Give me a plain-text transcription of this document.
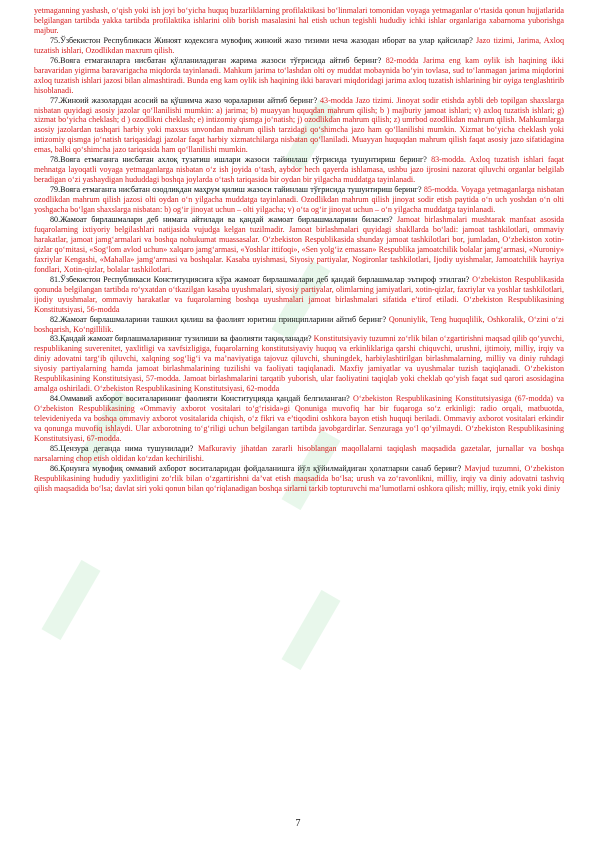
yetmaganning yashash, o‘qish yoki ish joyi bo‘yicha huquq buzarliklarning profilaktikasi bo‘linmalari tomonidan voyaga yetmaganlar o‘rtasida qonun hujjatlarida belgilangan tartibda yakka tartibda profilaktika ishlarini olib borish masalasini hal etish uchun tegishli hududiy ichki ishlar organlariga xabarnoma yuborishga majbur.

75.Ўзбекистон Республикаси Жиноят кодексига мувофиқ жиноий жазо тизими неча жазодан иборат ва улар қайсилар? Jazo tizimi, Jarima, Axloq tuzatish ishlari, Ozodlikdan maxrum qilish.

76.Вояга етмаганларга нисбатан қўлланиладиган жарима жазоси тўғрисида айтиб беринг? 82-modda Jarima eng kam oylik ish haqining ikki baravaridan yigirma baravarigacha miqdorda tayinlanadi. Mahkum jarima to‘lashdan olti oy muddat mobaynida bo‘yin tovlasa, sud to‘lanmagan jarima miqdorini axloq tuzatish ishlari jazosi bilan almashtiradi. Bunda eng kam oylik ish haqining ikki baravari miqdoridagi jarima axloq tuzatish ishlarining bir oyiga tenglashtirib hisoblanadi.

77.Жиноий жазолардан асосий ва қўшимча жазо чораларини айтиб беринг? 43-modda Jazo tizimi. Jinoyat sodir etishda aybli deb topilgan shaxslarga nisbatan quyidagi asosiy jazolar qo‘llanilishi mumkin: a) jarima; b) muayyan huquqdan mahrum qilish; b ) majburiy jamoat ishlari; v) axloq tuzatish ishlari; g) xizmat bo‘yicha cheklash; d ) ozodlikni cheklash; e) intizomiy qismga jo‘natish; j) ozodlikdan mahrum qilish; z) umrbod ozodlikdan mahrum qilish. Mahkumlarga asosiy jazolardan tashqari harbiy yoki maxsus unvondan mahrum qilish tarzidagi qo‘shimcha jazo ham qo‘llanilishi mumkin. Xizmat bo‘yicha cheklash yoki intizomiy qismga jo‘natish tariqasidagi jazolar faqat harbiy xizmatchilarga nisbatan qo‘llaniladi. Muayyan huquqdan mahrum qilish faqat asosiy jazo sifatidagina emas, balki qo‘shimcha jazo tariqasida ham qo‘llanilishi mumkin.

78.Вояга етмаганга нисбатан ахлоқ тузатиш ишлари жазоси тайинлаш тўғрисида тушунтириш беринг? 83-modda. Axloq tuzatish ishlari faqat mehnatga layoqatli voyaga yetmaganlarga nisbatan o‘z ish joyida o‘tash, aybdor hech qayerda ishlamasa, ushbu jazo ijrosini nazorat qiluvchi organlar belgilab beradigan o‘zi yashaydigan hududdagi boshqa joylarda o‘tash tariqasida bir oydan bir yilgacha muddatga tayinlanadi.

79.Вояга етмаганга нисбатан озодликдан маҳрум қилиш жазоси тайинлаш тўғрисида тушунтириш беринг? 85-modda. Voyaga yetmaganlarga nisbatan ozodlikdan mahrum qilish jazosi olti oydan o‘n yilgacha muddatga tayinlanadi. Ozodlikdan mahrum qilish jinoyat sodir etish paytida o‘n uch yoshdan o‘n olti yoshgacha bo‘lgan shaxslarga nisbatan: b) og‘ir jinoyat uchun – olti yilgacha; v) o‘ta og‘ir jinoyat uchun – o‘n yilgacha muddatga tayinlanadi.

80.Жамоат бирлашмалари деб нимага айтилади ва қандай жамоат бирлашмаларини биласиз? Jamoat birlashmalari mushtarak manfaat asosida fuqarolarning ixtiyoriy belgilashlari natijasida vujudga kelgan tuzilmadir. Jamoat birlashmalari quyidagi shakllarda bo‘ladi: jamoat tashkilotlari, ommaviy harakatlar, jamoat jamg‘armalari va boshqa nohukumat muassasalar. O‘zbekiston Respublikasida shunday jamoat tashkilotlari bor, jumladan, O‘zbekiston xotin-qizlar qo‘mitasi, «Sog‘lom avlod uchun» xalqaro jamg‘armasi, «Yoshlar ittifoqi», «Sen yolg‘iz emassan» Respublika jamoatchilik bolalar jamg‘armasi, «Nuroniy» faxriylar Kengashi, «Mahalla» jamg‘armasi va boshqalar. Kasaba uyishmasi, Siyosiy partiyalar, Nogironlar tashkilotlari, Ijodiy uyishmalar, Jamoatchilik hayriya fondlari, Xotin-qizlar, bolalar tashkilotlari.

81.Ўзбекистон Республикаси Конституциясига кўра жамоат бирлашмалари деб қандай бирлашмалар эътироф этилган? O‘zbekiston Respublikasida qonunda belgilangan tartibda ro‘yxatdan o‘tkazilgan kasaba uyushmalari, siyosiy partiyalar, olimlarning jamiyatlari, xotin-qizlar, faxriylar va yoshlar tashkilotlari, ijodiy uyushmalar, ommaviy harakatlar va fuqarolarning boshqa uyushmalari jamoat birlashmalari sifatida e’tirof etiladi. O‘zbekiston Respublikasining Konstitutsiyasi, 56-modda

82.Жамоат бирлашмаларини ташкил қилиш ва фаолият юритиш принципларини айтиб беринг? Qonuniylik, Teng huquqlilik, Oshkoralik, O‘zini o‘zi boshqarish, Ko‘ngillilik.

83.Қандай жамоат бирлашмаларининг тузилиши ва фаолияти тақиқланади? Konstitutsiyaviy tuzumni zo‘rlik bilan o‘zgartirishni maqsad qilib qo‘yuvchi, respublikaning suverenitet, yaxlitligi va xavfsizligiga, fuqarolarning konstitutsiyaviy huquq va erkinliklariga qarshi chiquvchi, urushni, ijtimoiy, milliy, irqiy va diniy adovatni targ‘ib qiluvchi, xalqning sog‘lig‘i va ma’naviyatiga tajovuz qiluvchi, shuningdek, harbiylashtirilgan birlashmalarning, milliy va diniy ruhdagi siyosiy partiyalarning hamda jamoat birlashmalarining tuzilishi va faoliyati taqiqlanadi. Maxfiy jamiyatlar va uyushmalar tuzish taqiqlanadi. O‘zbekiston Respublikasining Konstitutsiyasi, 57-modda. Jamoat birlashmalarini tarqatib yuborish, ular faoliyatini taqiqlab yoki cheklab qo‘yish faqat sud qarori asosidagina amalga oshiriladi. O‘zbekiston Respublikasining Konstitutsiyasi, 62-modda

84.Оммавий ахборот воситаларининг фаолияти Конституцияда қандай белгиланган? O‘zbekiston Respublikasining Konstitutsiyasiga (67-modda) va O‘zbekiston Respublikasining «Ommaviy axborot vositalari to‘g‘risida»gi Qonuniga muvofiq har bir fuqaroga so‘z erkinligi: radio orqali, matbuotda, televideniyeda va boshqa ommaviy axborot vositalarida chiqish, o‘z fikri va e’tiqodini oshkora bayon etish huquqi beriladi. Ommaviy axborot vositalari erkindir va qonunga muvofiq ishlaydi. Ular axborotning to‘g‘riligi uchun belgilangan tartibda javobgardirlar. Senzuraga yo‘l qo‘yilmaydi. O‘zbekiston Respublikasining Konstitutsiyasi, 67-modda.

85.Цензура деганда нима тушунилади? Mafkuraviy jihatdan zararli hisoblangan maqollalarni taqiqlash maqsadida gazetalar, jurnallar va boshqa narsalarning chop etish oldidan ko‘zdan kechirilishi.

86.Қонунга мувофиқ оммавий ахборот воситаларидан фойдаланишга йўл қўйилмайдиган ҳолатларни санаб беринг? Mavjud tuzumni, O‘zbekiston Respublikasining hududiy yaxlitligini zo‘rlik bilan o‘zgartirishni da’vat etish maqsadida bo‘lsa; urush va zo‘ravonlikni, milliy, irqiy va diniy adovatni tashviq qilish maqsadida bo‘lsa; davlat siri yoki qonun bilan qo‘riqlanadigan boshqa sirlarni tarkib topturuvchi ma’lumotlarni oshkora qilish; milliy, irqiy, etnik yoki diniy

7
